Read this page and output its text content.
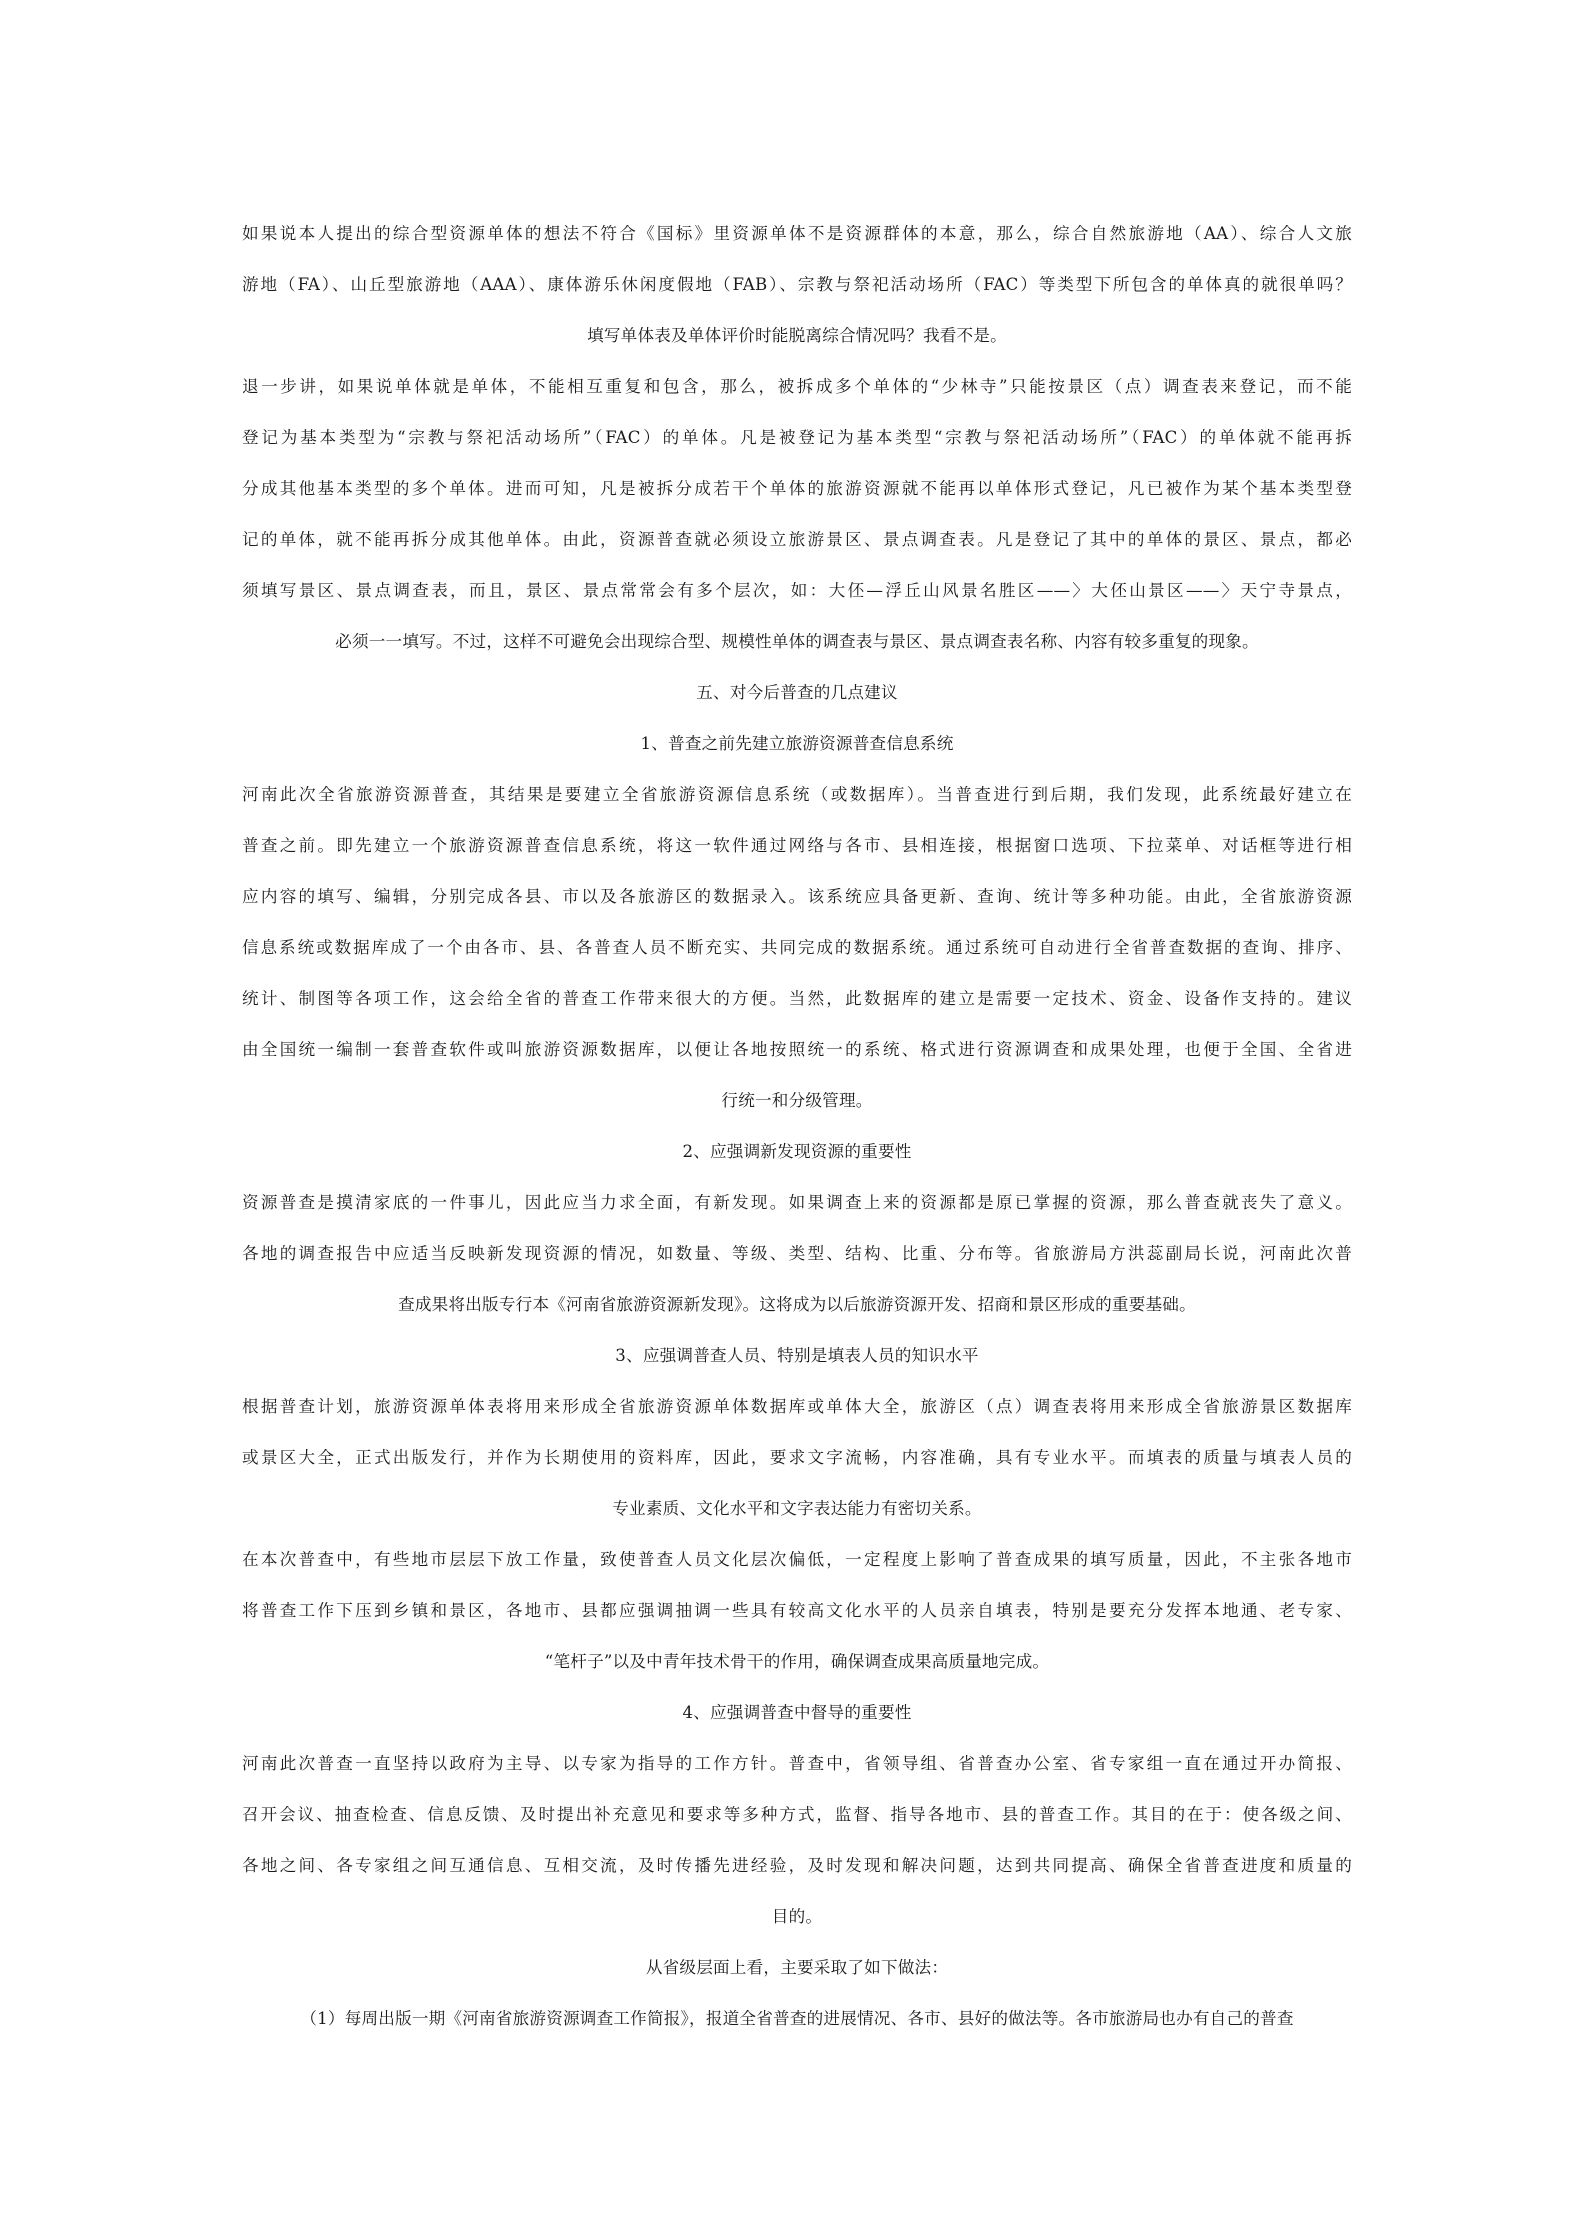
如果说本人提出的综合型资源单体的想法不符合《国标》里资源单体不是资源群体的本意，那么，综合自然旅游地（AA）、综合人文旅
游地（FA）、山丘型旅游地（AAA）、康体游乐休闲度假地（FAB）、宗教与祭祀活动场所（FAC）等类型下所包含的单体真的就很单吗？
填写单体表及单体评价时能脱离综合情况吗？我看不是。
退一步讲，如果说单体就是单体，不能相互重复和包含，那么，被拆成多个单体的“少林寺”只能按景区（点）调查表来登记，而不能
登记为基本类型为“宗教与祭祀活动场所”（FAC）的单体。凡是被登记为基本类型“宗教与祭祀活动场所”（FAC）的单体就不能再拆
分成其他基本类型的多个单体。进而可知，凡是被拆分成若干个单体的旅游资源就不能再以单体形式登记，凡已被作为某个基本类型登
记的单体，就不能再拆分成其他单体。由此，资源普查就必须设立旅游景区、景点调查表。凡是登记了其中的单体的景区、景点，都必
须填写景区、景点调查表，而且，景区、景点常常会有多个层次，如：大伾—浮丘山风景名胜区——〉大伾山景区——〉天宁寺景点，
必须一一填写。不过，这样不可避免会出现综合型、规模性单体的调查表与景区、景点调查表名称、内容有较多重复的现象。
五、对今后普查的几点建议
1、普查之前先建立旅游资源普查信息系统
河南此次全省旅游资源普查，其结果是要建立全省旅游资源信息系统（或数据库）。当普查进行到后期，我们发现，此系统最好建立在
普查之前。即先建立一个旅游资源普查信息系统，将这一软件通过网络与各市、县相连接，根据窗口选项、下拉菜单、对话框等进行相
应内容的填写、编辑，分别完成各县、市以及各旅游区的数据录入。该系统应具备更新、查询、统计等多种功能。由此，全省旅游资源
信息系统或数据库成了一个由各市、县、各普查人员不断充实、共同完成的数据系统。通过系统可自动进行全省普查数据的查询、排序、
统计、制图等各项工作，这会给全省的普查工作带来很大的方便。当然，此数据库的建立是需要一定技术、资金、设备作支持的。建议
由全国统一编制一套普查软件或叫旅游资源数据库，以便让各地按照统一的系统、格式进行资源调查和成果处理，也便于全国、全省进
行统一和分级管理。
2、应强调新发现资源的重要性
资源普查是摸清家底的一件事儿，因此应当力求全面，有新发现。如果调查上来的资源都是原已掌握的资源，那么普查就丧失了意义。
各地的调查报告中应适当反映新发现资源的情况，如数量、等级、类型、结构、比重、分布等。省旅游局方洪蕊副局长说，河南此次普
查成果将出版专行本《河南省旅游资源新发现》。这将成为以后旅游资源开发、招商和景区形成的重要基础。
3、应强调普查人员、特别是填表人员的知识水平
根据普查计划，旅游资源单体表将用来形成全省旅游资源单体数据库或单体大全，旅游区（点）调查表将用来形成全省旅游景区数据库
或景区大全，正式出版发行，并作为长期使用的资料库，因此，要求文字流畅，内容准确，具有专业水平。而填表的质量与填表人员的
专业素质、文化水平和文字表达能力有密切关系。
在本次普查中，有些地市层层下放工作量，致使普查人员文化层次偏低，一定程度上影响了普查成果的填写质量，因此，不主张各地市
将普查工作下压到乡镇和景区，各地市、县都应强调抽调一些具有较高文化水平的人员亲自填表，特别是要充分发挥本地通、老专家、
“笔杆子”以及中青年技术骨干的作用，确保调查成果高质量地完成。
4、应强调普查中督导的重要性
河南此次普查一直坚持以政府为主导、以专家为指导的工作方针。普查中，省领导组、省普查办公室、省专家组一直在通过开办简报、
召开会议、抽查检查、信息反馈、及时提出补充意见和要求等多种方式，监督、指导各地市、县的普查工作。其目的在于：使各级之间、
各地之间、各专家组之间互通信息、互相交流，及时传播先进经验，及时发现和解决问题，达到共同提高、确保全省普查进度和质量的
目的。
从省级层面上看，主要采取了如下做法：
（1）每周出版一期《河南省旅游资源调查工作简报》，报道全省普查的进展情况、各市、县好的做法等。各市旅游局也办有自己的普查
